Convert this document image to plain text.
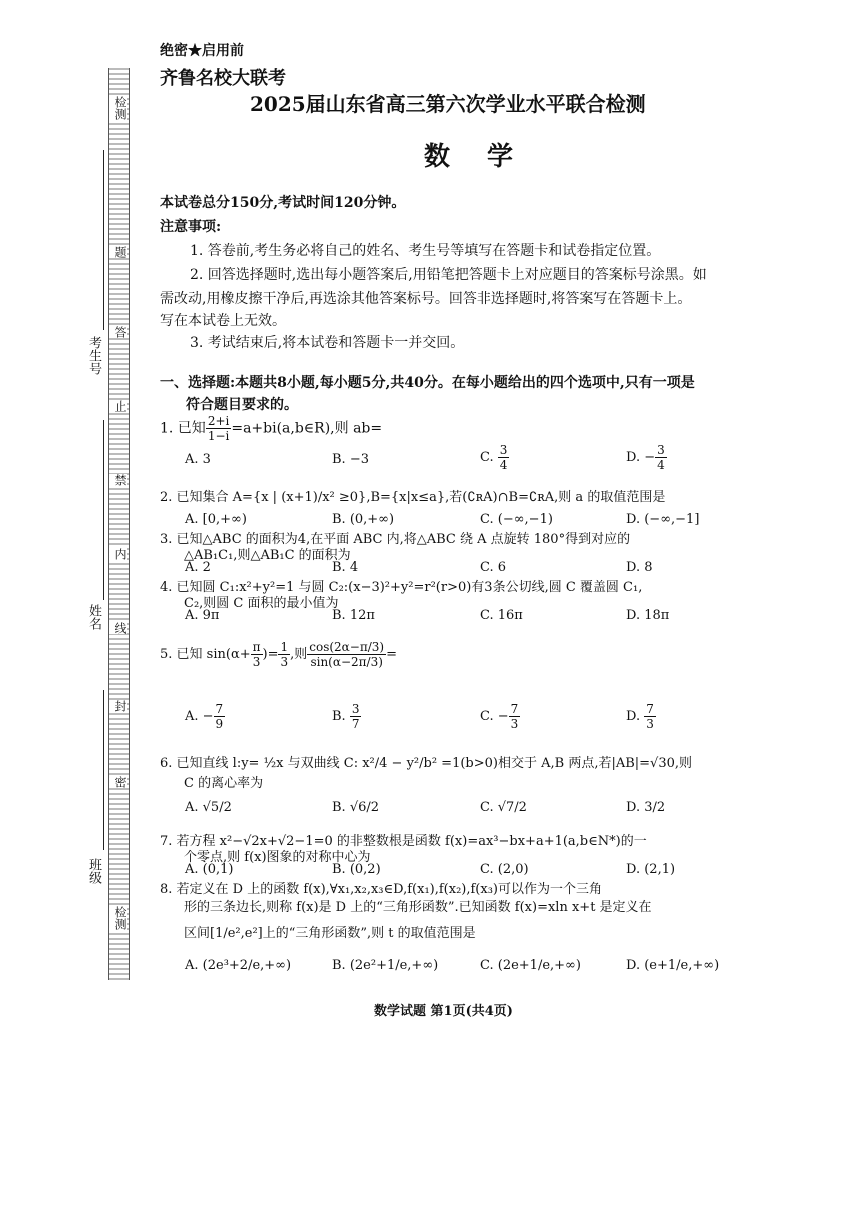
检测
题
答
止
禁
内
线
封
密
检测
考生号
姓名
班级
绝密★启用前
齐鲁名校大联考
2025届山东省高三第六次学业水平联合检测
数 学
本试卷总分150分,考试时间120分钟。
注意事项:
1. 答卷前,考生务必将自己的姓名、考生号等填写在答题卡和试卷指定位置。
2. 回答选择题时,选出每小题答案后,用铅笔把答题卡上对应题目的答案标号涂黑。如
需改动,用橡皮擦干净后,再选涂其他答案标号。回答非选择题时,将答案写在答题卡上。
写在本试卷上无效。
3. 考试结束后,将本试卷和答题卡一并交回。
一、选择题:本题共8小题,每小题5分,共40分。在每小题给出的四个选项中,只有一项是
符合题目要求的。
1. 已知 $\frac{2+i}{1-i}$ =a+bi(a,b∈R),则 ab=
A. 3	B. −3	C. $\frac{3}{4}$	D. − $\frac{3}{4}$
2. 已知集合 A={x | (x+1)/x² ≥0},B={x|x≤a},若(∁ʀA)∩B=∁ʀA,则 a 的取值范围是
A. [0,+∞)	B. (0,+∞)	C. (−∞,−1)	D. (−∞,−1]
3. 已知△ABC 的面积为4,在平面 ABC 内,将△ABC 绕 A 点旋转 180°得到对应的
△AB₁C₁,则△AB₁C 的面积为
A. 2	B. 4	C. 6	D. 8
4. 已知圆 C₁:x²+y²=1 与圆 C₂:(x−3)²+y²=r²(r>0)有3条公切线,圆 C 覆盖圆 C₁,
C₂,则圆 C 面积的最小值为
A. 9π	B. 12π	C. 16π	D. 18π
5. 已知 $\sin(\alpha+ \frac{\pi}{3}$ )= $\frac{1}{3}$ ,则 $\frac{\cos(2\alpha-\pi/3)}{\sin(\alpha-2\pi/3)}$ =
A. − $\frac{7}{9}$	B. $\frac{3}{7}$	C. − $\frac{7}{3}$	D. $\frac{7}{3}$
6. 已知直线 l:y= ½x 与双曲线 C: x²/4 − y²/b² =1(b>0)相交于 A,B 两点,若|AB|=√30,则
C 的离心率为
A. √5/2	B. √6/2	C. √7/2	D. 3/2
7. 若方程 x²−√2x+√2−1=0 的非整数根是函数 f(x)=ax³−bx+a+1(a,b∈N*)的一
个零点,则 f(x)图象的对称中心为
A. (0,1)	B. (0,2)	C. (2,0)	D. (2,1)
8. 若定义在 D 上的函数 f(x),∀x₁,x₂,x₃∈D,f(x₁),f(x₂),f(x₃)可以作为一个三角
形的三条边长,则称 f(x)是 D 上的“三角形函数”.已知函数 f(x)=xln x+t 是定义在
区间[1/e²,e²]上的“三角形函数”,则 t 的取值范围是
A. (2e³+2/e,+∞)	B. (2e²+1/e,+∞)	C. (2e+1/e,+∞)	D. (e+1/e,+∞)
数学试题 第1页(共4页)
